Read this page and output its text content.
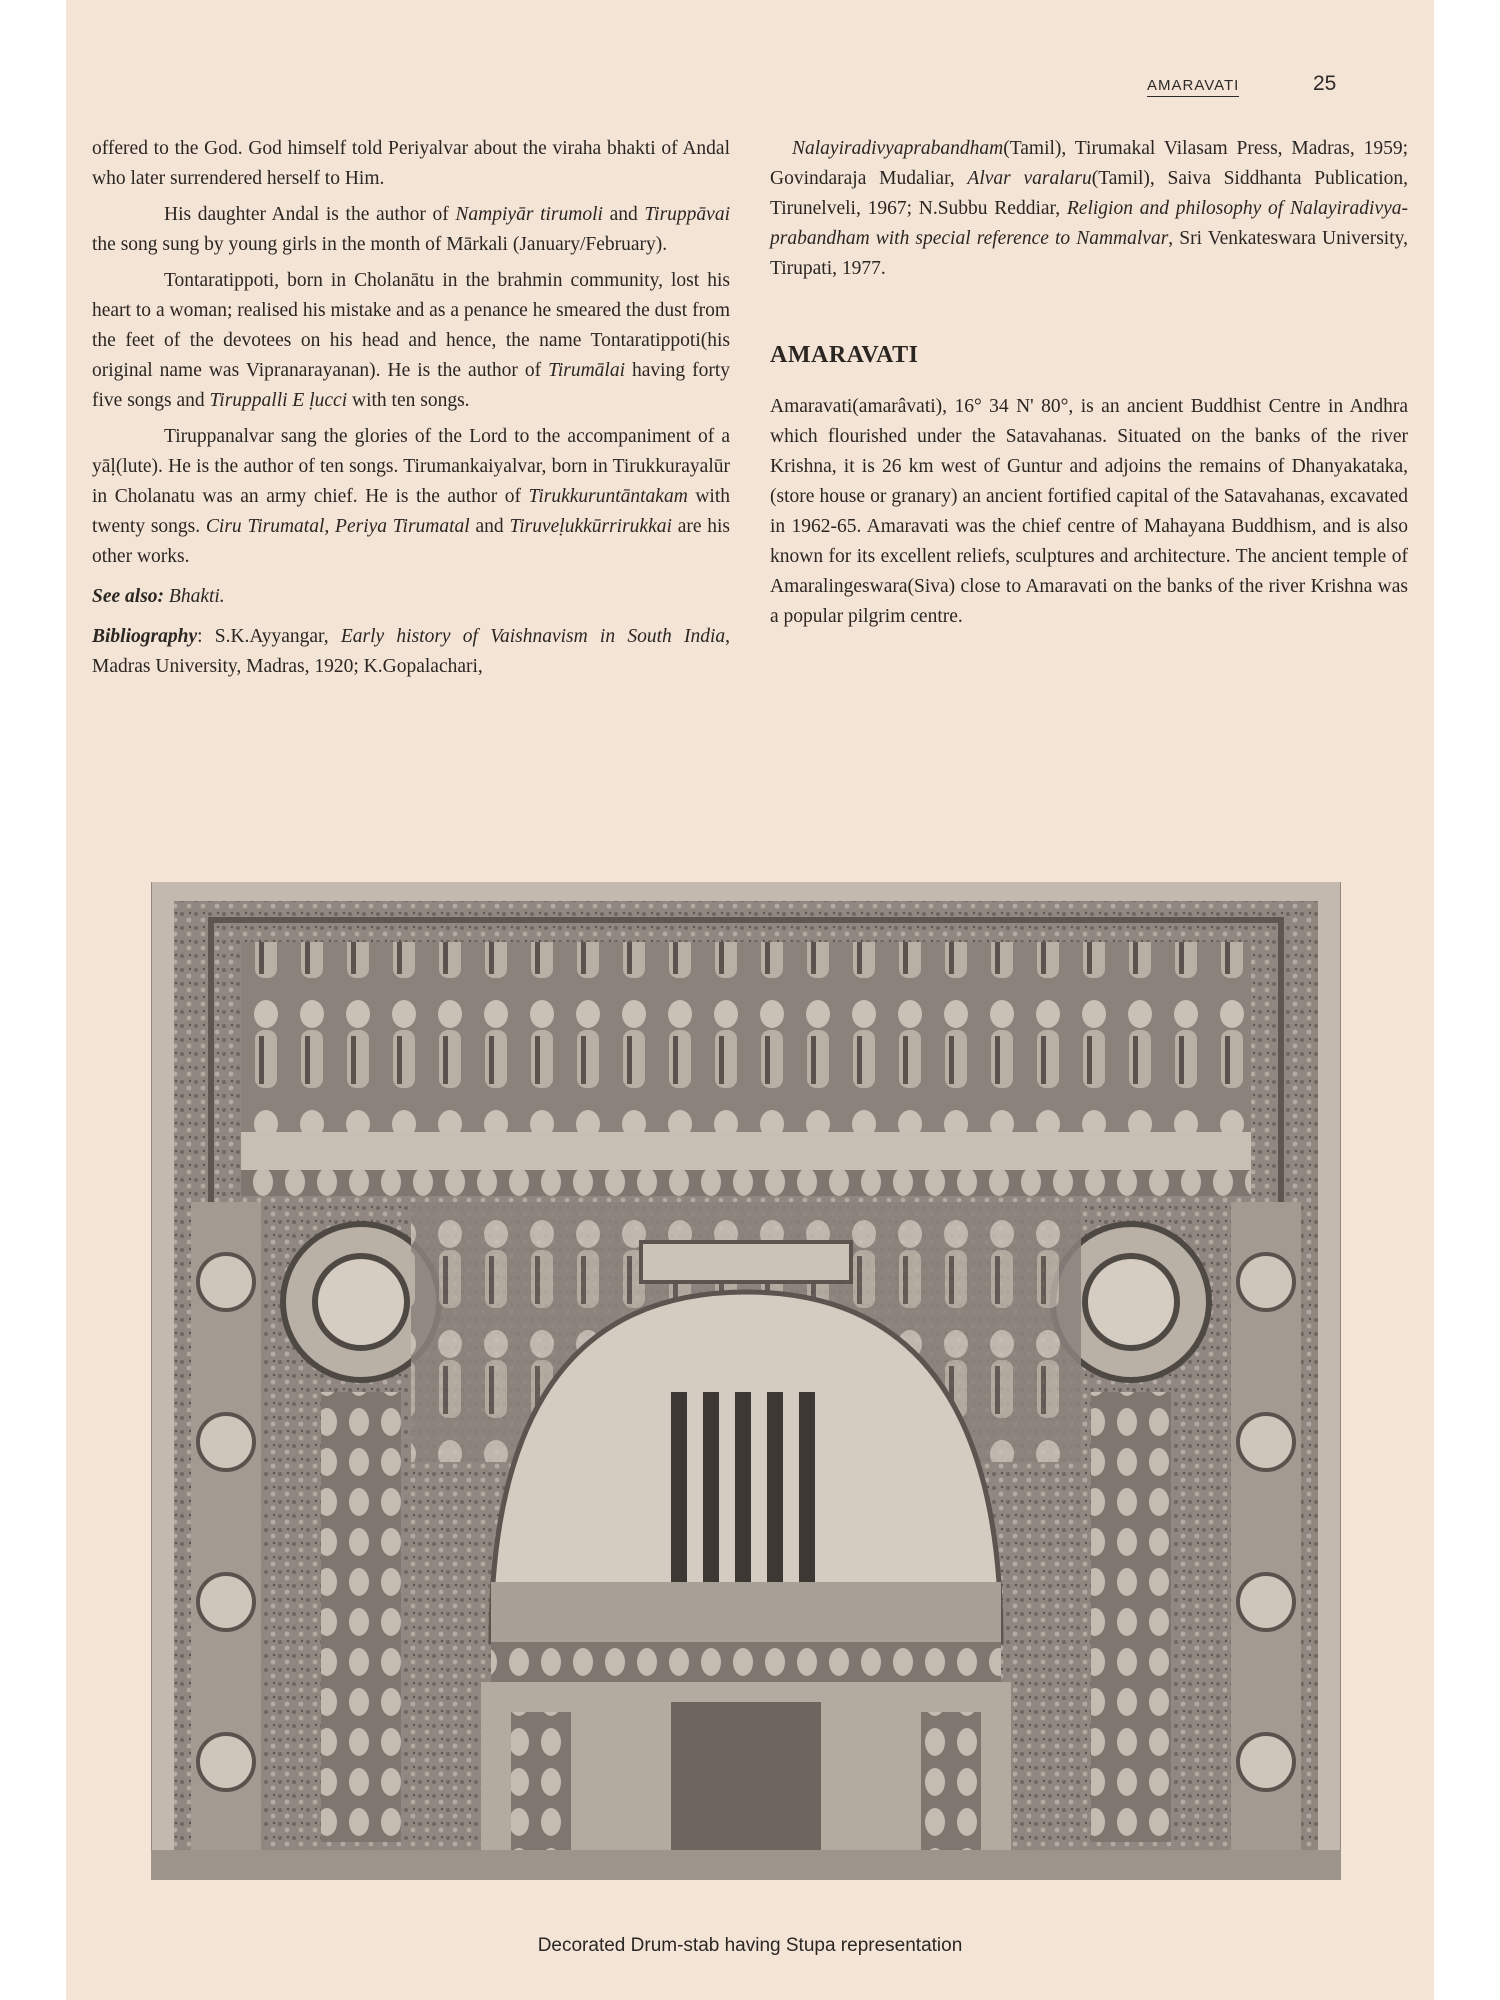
AMARAVATI	25

offered to the God. God himself told Periyalvar about the viraha bhakti of Andal who later surrendered herself to Him.

His daughter Andal is the author of Nampiyār tirumoli and Tiruppāvai the song sung by young girls in the month of Mārkali (January/February).

Tontaratippoti, born in Cholanātu in the brahmin community, lost his heart to a woman; realised his mistake and as a penance he smeared the dust from the feet of the devotees on his head and hence, the name Tontaratippoti(his original name was Vipranarayanan). He is the author of Tirumālai having forty five songs and Tiruppalli E ḷucci with ten songs.

Tiruppanalvar sang the glories of the Lord to the accompaniment of a yāḷ(lute). He is the author of ten songs. Tirumankaiyalvar, born in Tirukkurayalūr in Cholanatu was an army chief. He is the author of Tirukkuruntāntakam with twenty songs. Ciru Tirumatal, Periya Tirumatal and Tiruveḷukkūrrirukkai are his other works.

See also: Bhakti.

Bibliography: S.K.Ayyangar, Early history of Vaishnavism in South India, Madras University, Madras, 1920; K.Gopalachari,

Nalayiradivyaprabandham(Tamil), Tirumakal Vilasam Press, Madras, 1959; Govindaraja Mudaliar, Alvar varalaru(Tamil), Saiva Siddhanta Publication, Tirunelveli, 1967; N.Subbu Reddiar, Religion and philosophy of Nalayiradivya-prabandham with special reference to Nammalvar, Sri Venkateswara University, Tirupati, 1977.

AMARAVATI

Amaravati(amarâvati), 16° 34 N' 80°, is an ancient Buddhist Centre in Andhra which flourished under the Satavahanas. Situated on the banks of the river Krishna, it is 26 km west of Guntur and adjoins the remains of Dhanyakataka,(store house or granary) an ancient fortified capital of the Satavahanas, excavated in 1962-65. Amaravati was the chief centre of Mahayana Buddhism, and is also known for its excellent reliefs, sculptures and architecture. The ancient temple of Amaralingeswara(Siva) close to Amaravati on the banks of the river Krishna was a popular pilgrim centre.

Decorated Drum-stab having Stupa representation
